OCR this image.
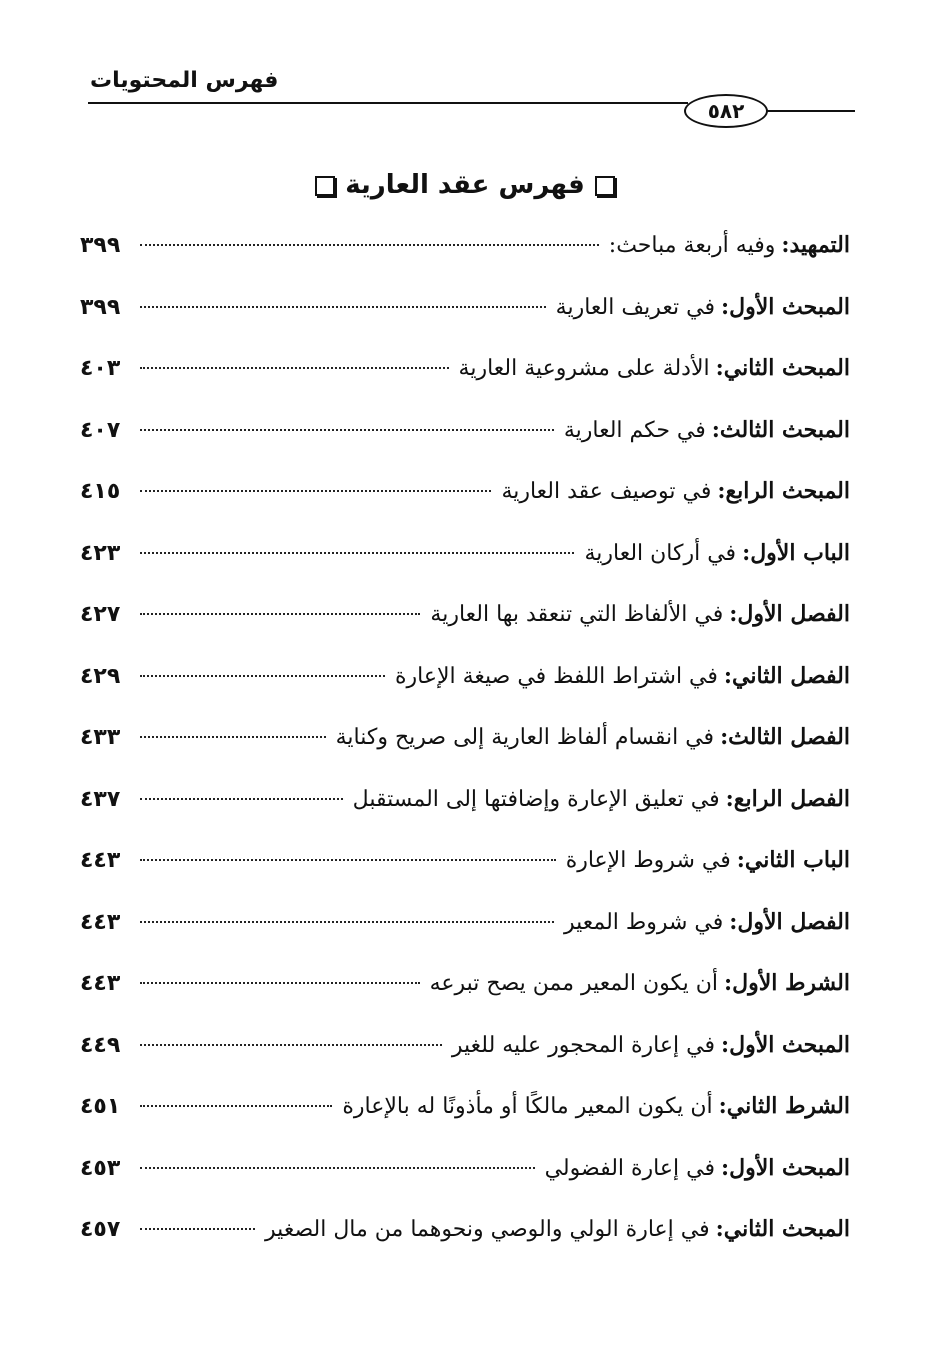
فهرس المحتويات
٥٨٢
فهرس عقد العارية
التمهيد:
وفيه أربعة مباحث:
٣٩٩
المبحث الأول:
في تعريف العارية
٣٩٩
المبحث الثاني:
الأدلة على مشروعية العارية
٤٠٣
المبحث الثالث:
في حكم العارية
٤٠٧
المبحث الرابع:
في توصيف عقد العارية
٤١٥
الباب الأول:
في أركان العارية
٤٢٣
الفصل الأول:
في الألفاظ التي تنعقد بها العارية
٤٢٧
الفصل الثاني:
في اشتراط اللفظ في صيغة الإعارة
٤٢٩
الفصل الثالث:
في انقسام ألفاظ العارية إلى صريح وكناية
٤٣٣
الفصل الرابع:
في تعليق الإعارة وإضافتها إلى المستقبل
٤٣٧
الباب الثاني:
في شروط الإعارة
٤٤٣
الفصل الأول:
في شروط المعير
٤٤٣
الشرط الأول:
أن يكون المعير ممن يصح تبرعه
٤٤٣
المبحث الأول:
في إعارة المحجور عليه للغير
٤٤٩
الشرط الثاني:
أن يكون المعير مالكًا أو مأذونًا له بالإعارة
٤٥١
المبحث الأول:
في إعارة الفضولي
٤٥٣
المبحث الثاني:
في إعارة الولي والوصي ونحوهما من مال الصغير
٤٥٧
